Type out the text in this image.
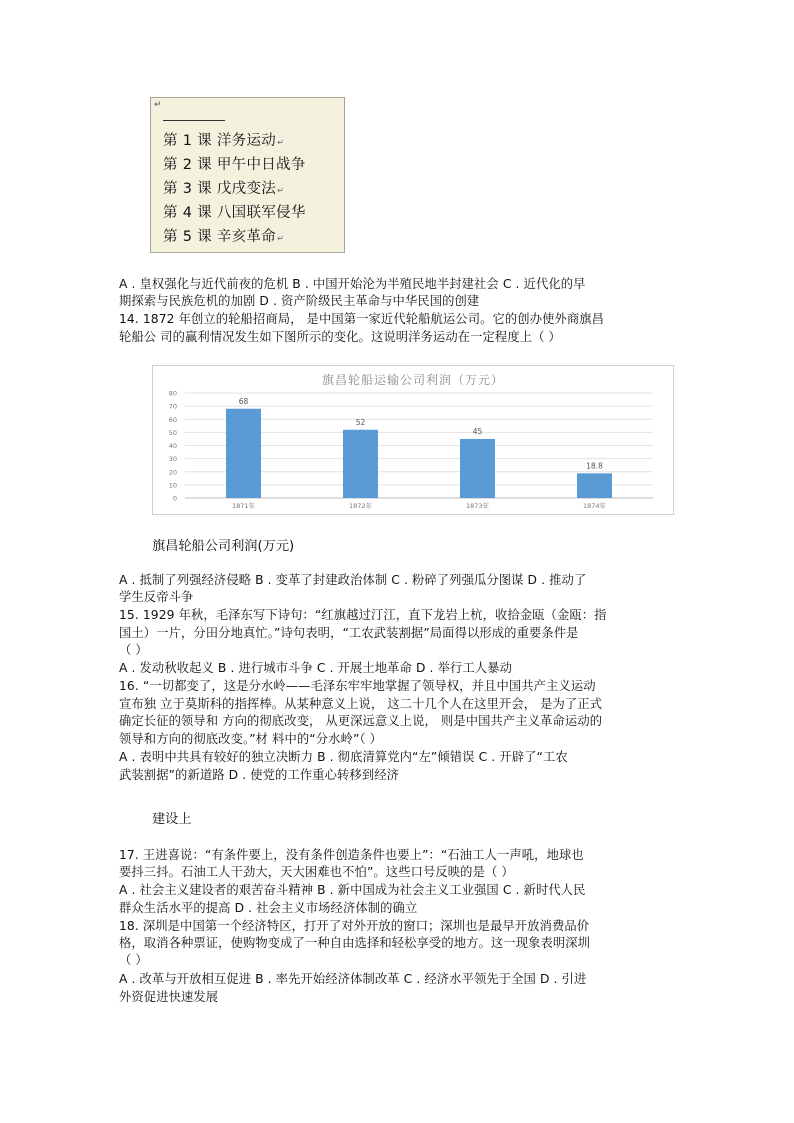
↵
第 1 课 洋务运动↵
第 2 课 甲午中日战争
第 3 课 戊戌变法↵
第 4 课 八国联军侵华
第 5 课 辛亥革命↵
A . 皇权强化与近代前夜的危机 B . 中国开始沦为半殖民地半封建社会 C . 近代化的早
期探索与民族危机的加剧 D . 资产阶级民主革命与中华民国的创建
14. 1872 年创立的轮船招商局， 是中国第一家近代轮船航运公司。它的创办使外商旗昌
轮船公 司的赢利情况发生如下图所示的变化。这说明洋务运动在一定程度上（ ）
旗昌轮船运输公司利润（万元）
0
10
20
30
40
50
60
70
80
68
1871年
52
1872年
45
1873年
18.8
1874年
旗昌轮船公司利润(万元)
A . 抵制了列强经济侵略 B . 变革了封建政治体制 C . 粉碎了列强瓜分图谋 D . 推动了
学生反帝斗争
15. 1929 年秋，毛泽东写下诗句：“红旗越过汀江，直下龙岩上杭，收拾金瓯（金瓯：指
国土）一片，分田分地真忙。”诗句表明，“工农武装割据”局面得以形成的重要条件是
（ ）
A . 发动秋收起义 B . 进行城市斗争 C . 开展土地革命 D . 举行工人暴动
16. “一切都变了，这是分水岭——毛泽东牢牢地掌握了领导权，并且中国共产主义运动
宣布独 立于莫斯科的指挥棒。从某种意义上说， 这二十几个人在这里开会， 是为了正式
确定长征的领导和 方向的彻底改变， 从更深远意义上说， 则是中国共产主义革命运动的
领导和方向的彻底改变。”材 料中的“分水岭”（ ）
A . 表明中共具有较好的独立决断力 B . 彻底清算党内“左”倾错误 C . 开辟了“工农
武装割据”的新道路 D . 使党的工作重心转移到经济
建设上
17. 王进喜说：“有条件要上，没有条件创造条件也要上”：“石油工人一声吼，地球也
要抖三抖。石油工人干劲大，天大困难也不怕”。这些口号反映的是（ ）
A . 社会主义建设者的艰苦奋斗精神 B . 新中国成为社会主义工业强国 C . 新时代人民
群众生活水平的提高 D . 社会主义市场经济体制的确立
18. 深圳是中国第一个经济特区，打开了对外开放的窗口；深圳也是最早开放消费品价
格，取消各种票证，使购物变成了一种自由选择和轻松享受的地方。这一现象表明深圳
（ ）
A . 改革与开放相互促进 B . 率先开始经济体制改革 C . 经济水平领先于全国 D . 引进
外资促进快速发展
